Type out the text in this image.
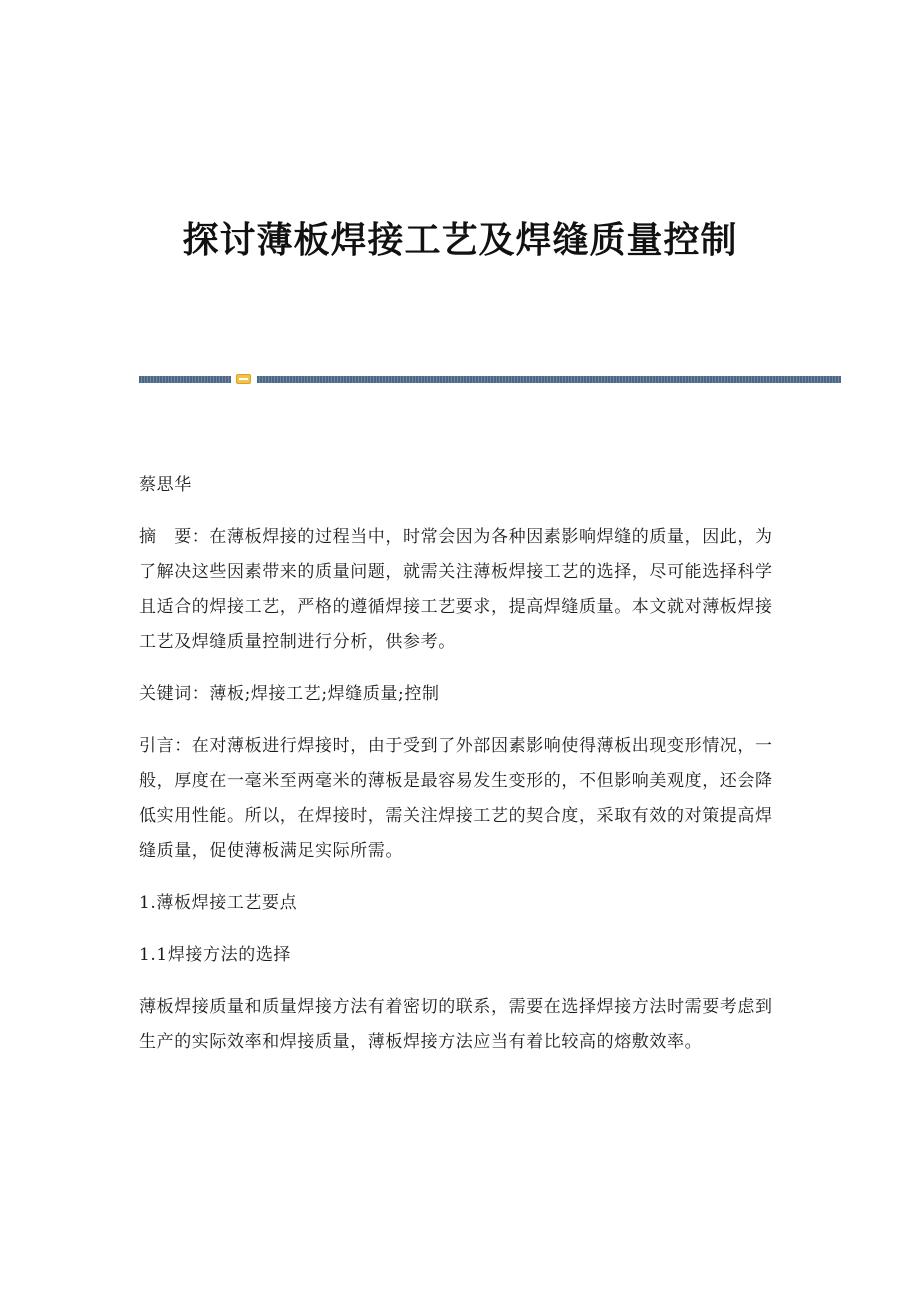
探讨薄板焊接工艺及焊缝质量控制

蔡思华

摘　要：在薄板焊接的过程当中，时常会因为各种因素影响焊缝的质量，因此，为了解决这些因素带来的质量问题，就需关注薄板焊接工艺的选择，尽可能选择科学且适合的焊接工艺，严格的遵循焊接工艺要求，提高焊缝质量。本文就对薄板焊接工艺及焊缝质量控制进行分析，供参考。

关键词：薄板;焊接工艺;焊缝质量;控制

引言：在对薄板进行焊接时，由于受到了外部因素影响使得薄板出现变形情况，一般，厚度在一毫米至两毫米的薄板是最容易发生变形的，不但影响美观度，还会降低实用性能。所以，在焊接时，需关注焊接工艺的契合度，采取有效的对策提高焊缝质量，促使薄板满足实际所需。

1.薄板焊接工艺要点

1.1焊接方法的选择

薄板焊接质量和质量焊接方法有着密切的联系，需要在选择焊接方法时需要考虑到生产的实际效率和焊接质量，薄板焊接方法应当有着比较高的熔敷效率。
